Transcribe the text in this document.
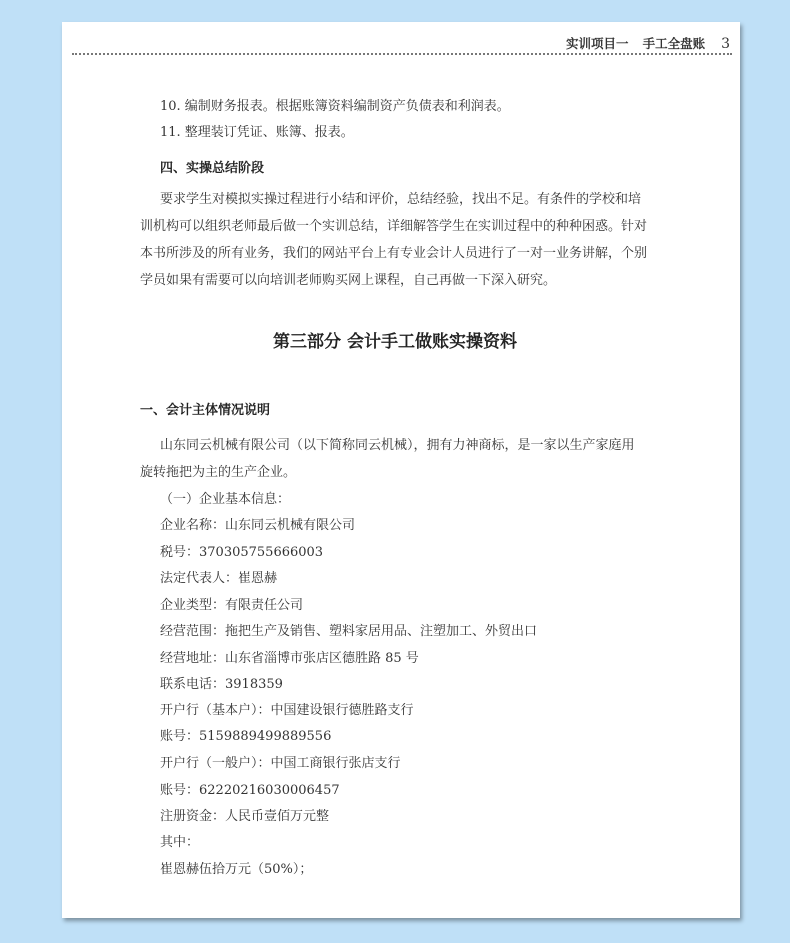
实训项目一 手工全盘账 3
10. 编制财务报表。根据账簿资料编制资产负债表和利润表。
11. 整理装订凭证、账簿、报表。
四、实操总结阶段
要求学生对模拟实操过程进行小结和评价，总结经验，找出不足。有条件的学校和培
训机构可以组织老师最后做一个实训总结，详细解答学生在实训过程中的种种困惑。针对
本书所涉及的所有业务，我们的网站平台上有专业会计人员进行了一对一业务讲解，个别
学员如果有需要可以向培训老师购买网上课程，自己再做一下深入研究。
第三部分 会计手工做账实操资料
一、会计主体情况说明
山东同云机械有限公司（以下简称同云机械），拥有力神商标，是一家以生产家庭用
旋转拖把为主的生产企业。
（一）企业基本信息：
企业名称：山东同云机械有限公司
税号：370305755666003
法定代表人：崔恩赫
企业类型：有限责任公司
经营范围：拖把生产及销售、塑料家居用品、注塑加工、外贸出口
经营地址：山东省淄博市张店区德胜路 85 号
联系电话：3918359
开户行（基本户）：中国建设银行德胜路支行
账号：5159889499889556
开户行（一般户）：中国工商银行张店支行
账号：62220216030006457
注册资金：人民币壹佰万元整
其中：
崔恩赫伍拾万元（50%）；
